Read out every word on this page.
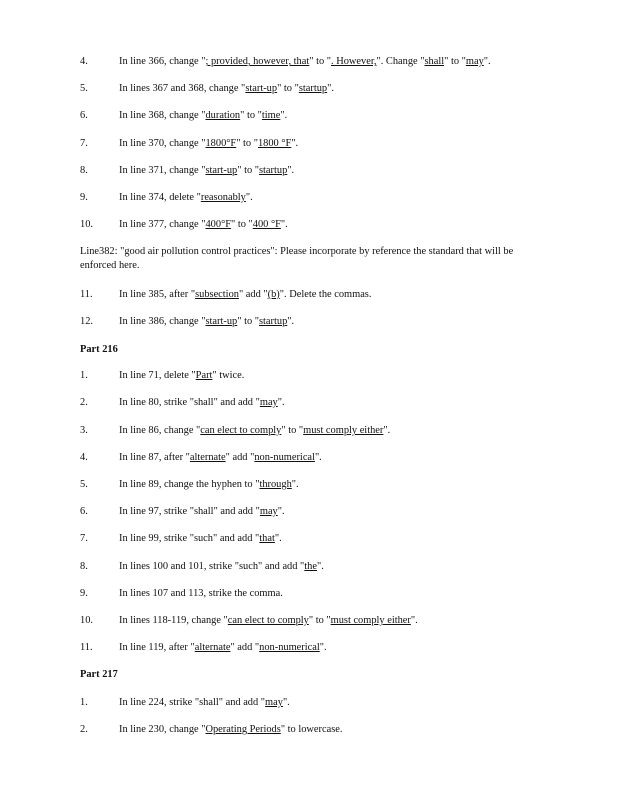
Line382: "good air pollution control practices": Please incorporate by reference the standard that will be enforced here.
Part 216
Part 217
4.	In line 366, change "; provided, however, that" to ". However,". Change "shall" to "may".
5.	In lines 367 and 368, change "start-up" to "startup".
6.	In line 368, change "duration" to "time".
7.	In line 370, change "1800°F" to "1800 °F".
8.	In line 371, change "start-up" to "startup".
9.	In line 374, delete "reasonably".
10.	In line 377, change "400°F" to "400 °F".
11.	In line 385, after "subsection" add "(b)". Delete the commas.
12.	In line 386, change "start-up" to "startup".
1.	In line 71, delete "Part" twice.
2.	In line 80, strike "shall" and add "may".
3.	In line 86, change "can elect to comply" to "must comply either".
4.	In line 87, after "alternate" add "non-numerical".
5.	In line 89, change the hyphen to "through".
6.	In line 97, strike "shall" and add "may".
7.	In line 99, strike "such" and add "that".
8.	In lines 100 and 101, strike "such" and add "the".
9.	In lines 107 and 113, strike the comma.
10.	In lines 118-119, change "can elect to comply" to "must comply either".
11.	In line 119, after "alternate" add "non-numerical".
1.	In line 224, strike "shall" and add "may".
2.	In line 230, change "Operating Periods" to lowercase.
